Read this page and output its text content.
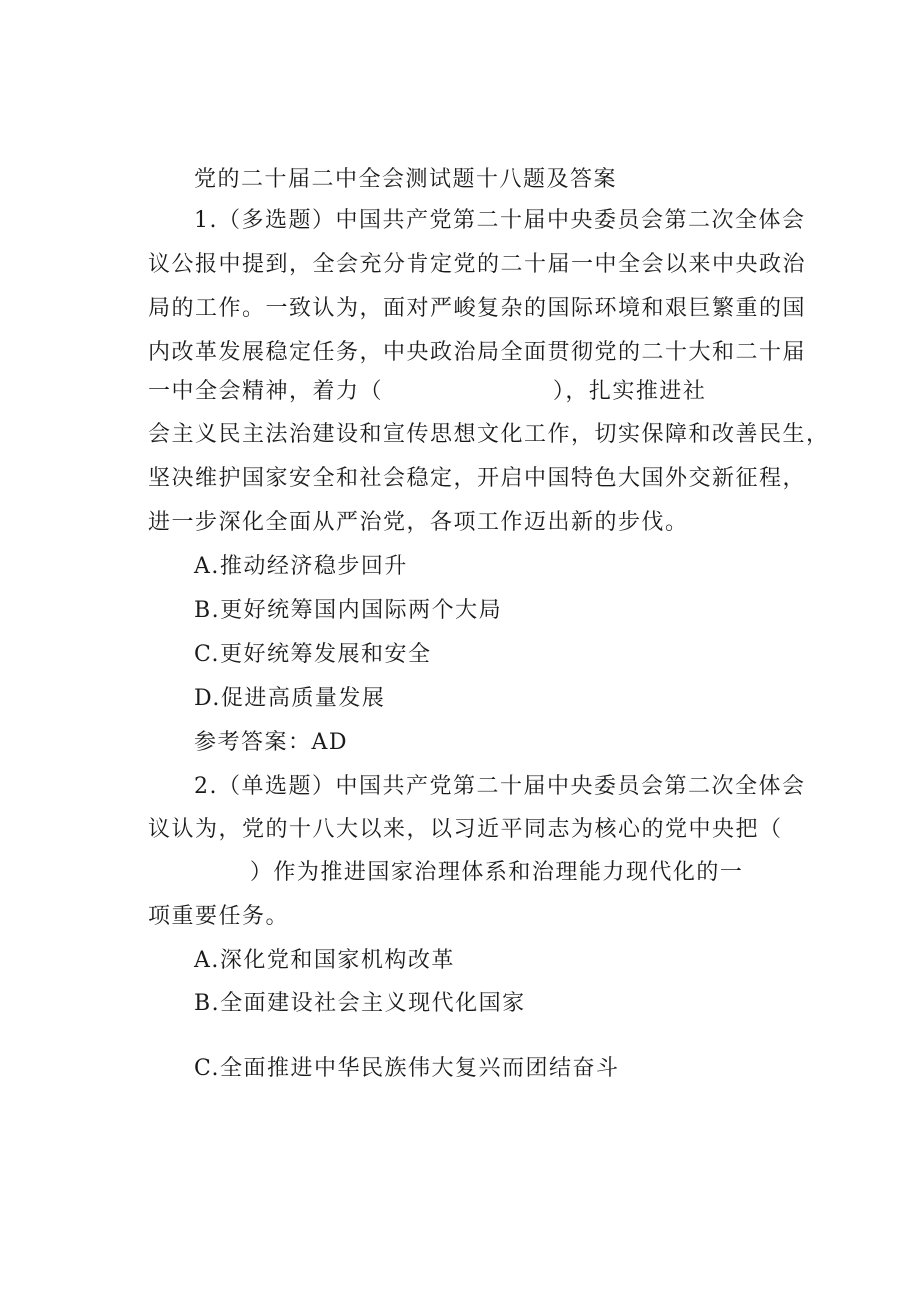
党的二十届二中全会测试题十八题及答案
1.（多选题）中国共产党第二十届中央委员会第二次全体会
议公报中提到，全会充分肯定党的二十届一中全会以来中央政治
局的工作。一致认为，面对严峻复杂的国际环境和艰巨繁重的国
内改革发展稳定任务，中央政治局全面贯彻党的二十大和二十届
一中全会精神，着力（                    ），扎实推进社
会主义民主法治建设和宣传思想文化工作，切实保障和改善民生，
坚决维护国家安全和社会稳定，开启中国特色大国外交新征程，
进一步深化全面从严治党，各项工作迈出新的步伐。
A.推动经济稳步回升
B.更好统筹国内国际两个大局
C.更好统筹发展和安全
D.促进高质量发展
参考答案：AD
2.（单选题）中国共产党第二十届中央委员会第二次全体会
议认为，党的十八大以来，以习近平同志为核心的党中央把（
）作为推进国家治理体系和治理能力现代化的一
项重要任务。
A.深化党和国家机构改革
B.全面建设社会主义现代化国家
C.全面推进中华民族伟大复兴而团结奋斗
